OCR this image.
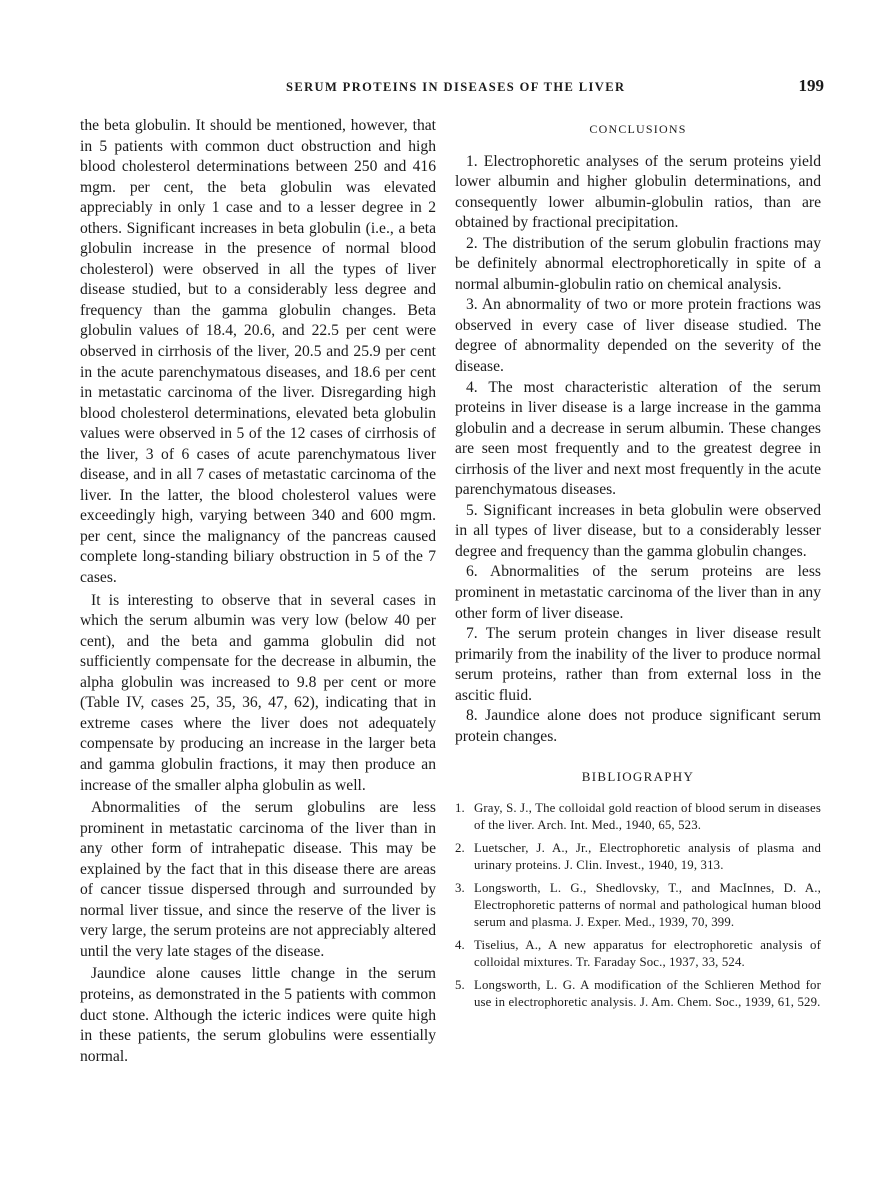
SERUM PROTEINS IN DISEASES OF THE LIVER	199

the beta globulin. It should be mentioned, however, that in 5 patients with common duct obstruction and high blood cholesterol determinations between 250 and 416 mgm. per cent, the beta globulin was elevated appreciably in only 1 case and to a lesser degree in 2 others. Significant increases in beta globulin (i.e., a beta globulin increase in the presence of normal blood cholesterol) were observed in all the types of liver disease studied, but to a considerably less degree and frequency than the gamma globulin changes. Beta globulin values of 18.4, 20.6, and 22.5 per cent were observed in cirrhosis of the liver, 20.5 and 25.9 per cent in the acute parenchymatous diseases, and 18.6 per cent in metastatic carcinoma of the liver. Disregarding high blood cholesterol determinations, elevated beta globulin values were observed in 5 of the 12 cases of cirrhosis of the liver, 3 of 6 cases of acute parenchymatous liver disease, and in all 7 cases of metastatic carcinoma of the liver. In the latter, the blood cholesterol values were exceedingly high, varying between 340 and 600 mgm. per cent, since the malignancy of the pancreas caused complete long-standing biliary obstruction in 5 of the 7 cases.

It is interesting to observe that in several cases in which the serum albumin was very low (below 40 per cent), and the beta and gamma globulin did not sufficiently compensate for the decrease in albumin, the alpha globulin was increased to 9.8 per cent or more (Table IV, cases 25, 35, 36, 47, 62), indicating that in extreme cases where the liver does not adequately compensate by producing an increase in the larger beta and gamma globulin fractions, it may then produce an increase of the smaller alpha globulin as well.

Abnormalities of the serum globulins are less prominent in metastatic carcinoma of the liver than in any other form of intrahepatic disease. This may be explained by the fact that in this disease there are areas of cancer tissue dispersed through and surrounded by normal liver tissue, and since the reserve of the liver is very large, the serum proteins are not appreciably altered until the very late stages of the disease.

Jaundice alone causes little change in the serum proteins, as demonstrated in the 5 patients with common duct stone. Although the icteric indices were quite high in these patients, the serum globulins were essentially normal.

CONCLUSIONS

1. Electrophoretic analyses of the serum proteins yield lower albumin and higher globulin determinations, and consequently lower albumin-globulin ratios, than are obtained by fractional precipitation.

2. The distribution of the serum globulin fractions may be definitely abnormal electrophoretically in spite of a normal albumin-globulin ratio on chemical analysis.

3. An abnormality of two or more protein fractions was observed in every case of liver disease studied. The degree of abnormality depended on the severity of the disease.

4. The most characteristic alteration of the serum proteins in liver disease is a large increase in the gamma globulin and a decrease in serum albumin. These changes are seen most frequently and to the greatest degree in cirrhosis of the liver and next most frequently in the acute parenchymatous diseases.

5. Significant increases in beta globulin were observed in all types of liver disease, but to a considerably lesser degree and frequency than the gamma globulin changes.

6. Abnormalities of the serum proteins are less prominent in metastatic carcinoma of the liver than in any other form of liver disease.

7. The serum protein changes in liver disease result primarily from the inability of the liver to produce normal serum proteins, rather than from external loss in the ascitic fluid.

8. Jaundice alone does not produce significant serum protein changes.

BIBLIOGRAPHY
1. Gray, S. J., The colloidal gold reaction of blood serum in diseases of the liver. Arch. Int. Med., 1940, 65, 523.
2. Luetscher, J. A., Jr., Electrophoretic analysis of plasma and urinary proteins. J. Clin. Invest., 1940, 19, 313.
3. Longsworth, L. G., Shedlovsky, T., and MacInnes, D. A., Electrophoretic patterns of normal and pathological human blood serum and plasma. J. Exper. Med., 1939, 70, 399.
4. Tiselius, A., A new apparatus for electrophoretic analysis of colloidal mixtures. Tr. Faraday Soc., 1937, 33, 524.
5. Longsworth, L. G. A modification of the Schlieren Method for use in electrophoretic analysis. J. Am. Chem. Soc., 1939, 61, 529.
